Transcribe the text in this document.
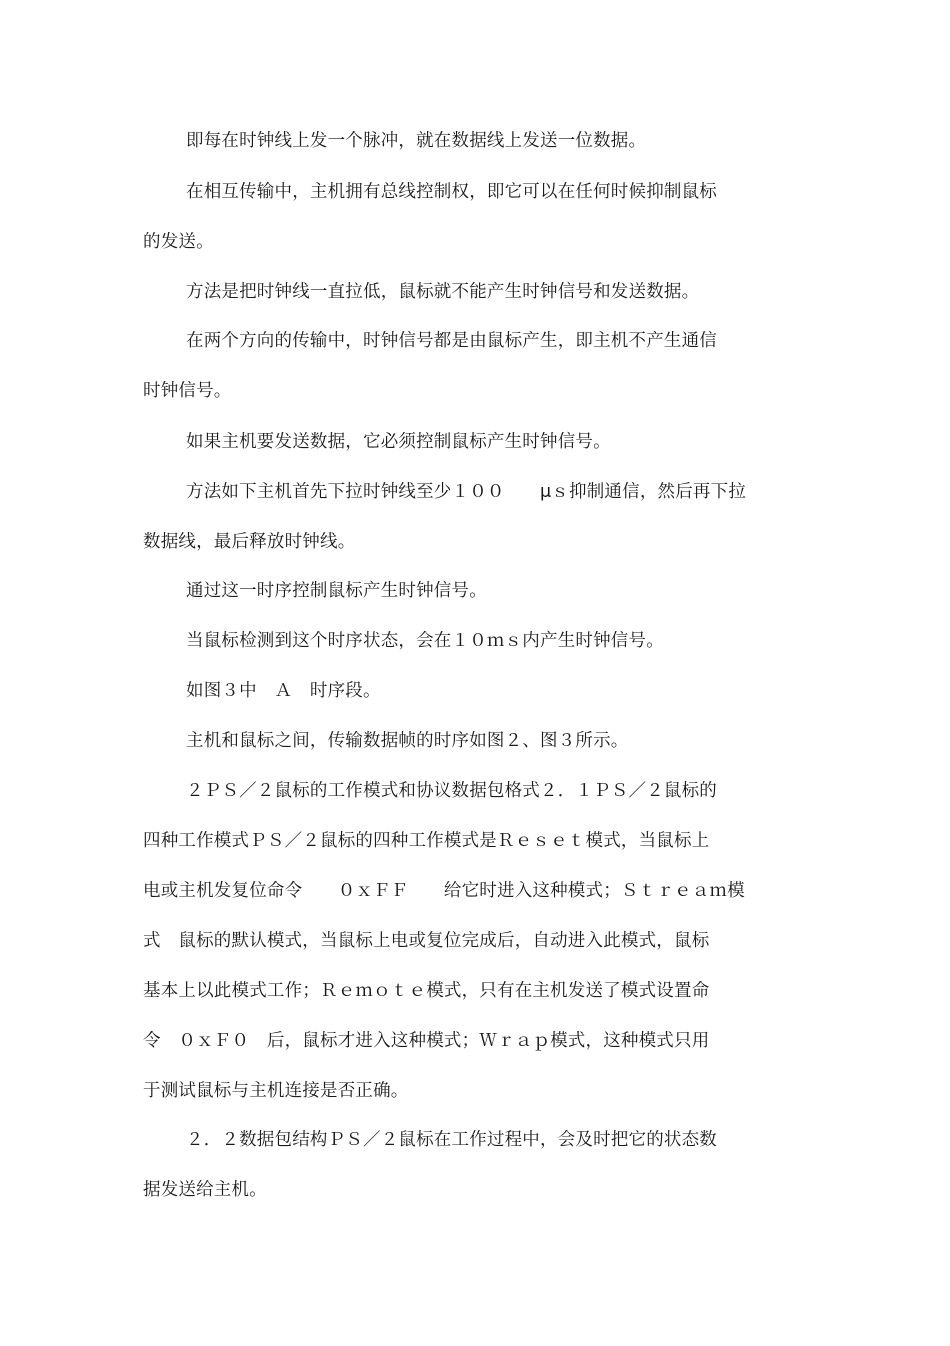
即每在时钟线上发一个脉冲，就在数据线上发送一位数据。
在相互传输中，主机拥有总线控制权，即它可以在任何时候抑制鼠标
的发送。
方法是把时钟线一直拉低，鼠标就不能产生时钟信号和发送数据。
在两个方向的传输中，时钟信号都是由鼠标产生，即主机不产生通信
时钟信号。
如果主机要发送数据，它必须控制鼠标产生时钟信号。
方法如下主机首先下拉时钟线至少１００　　μｓ抑制通信，然后再下拉
数据线，最后释放时钟线。
通过这一时序控制鼠标产生时钟信号。
当鼠标检测到这个时序状态，会在１０ｍｓ内产生时钟信号。
如图３中　Ａ　时序段。
主机和鼠标之间，传输数据帧的时序如图２、图３所示。
２ＰＳ／２鼠标的工作模式和协议数据包格式２．１ＰＳ／２鼠标的
四种工作模式ＰＳ／２鼠标的四种工作模式是Ｒｅｓｅｔ模式，当鼠标上
电或主机发复位命令　　０ｘＦＦ　　给它时进入这种模式；Ｓｔｒｅａｍ模
式　鼠标的默认模式，当鼠标上电或复位完成后，自动进入此模式，鼠标
基本上以此模式工作；Ｒｅｍｏｔｅ模式，只有在主机发送了模式设置命
令　０ｘＦ０　后，鼠标才进入这种模式；Ｗｒａｐ模式，这种模式只用
于测试鼠标与主机连接是否正确。
２．２数据包结构ＰＳ／２鼠标在工作过程中，会及时把它的状态数
据发送给主机。
